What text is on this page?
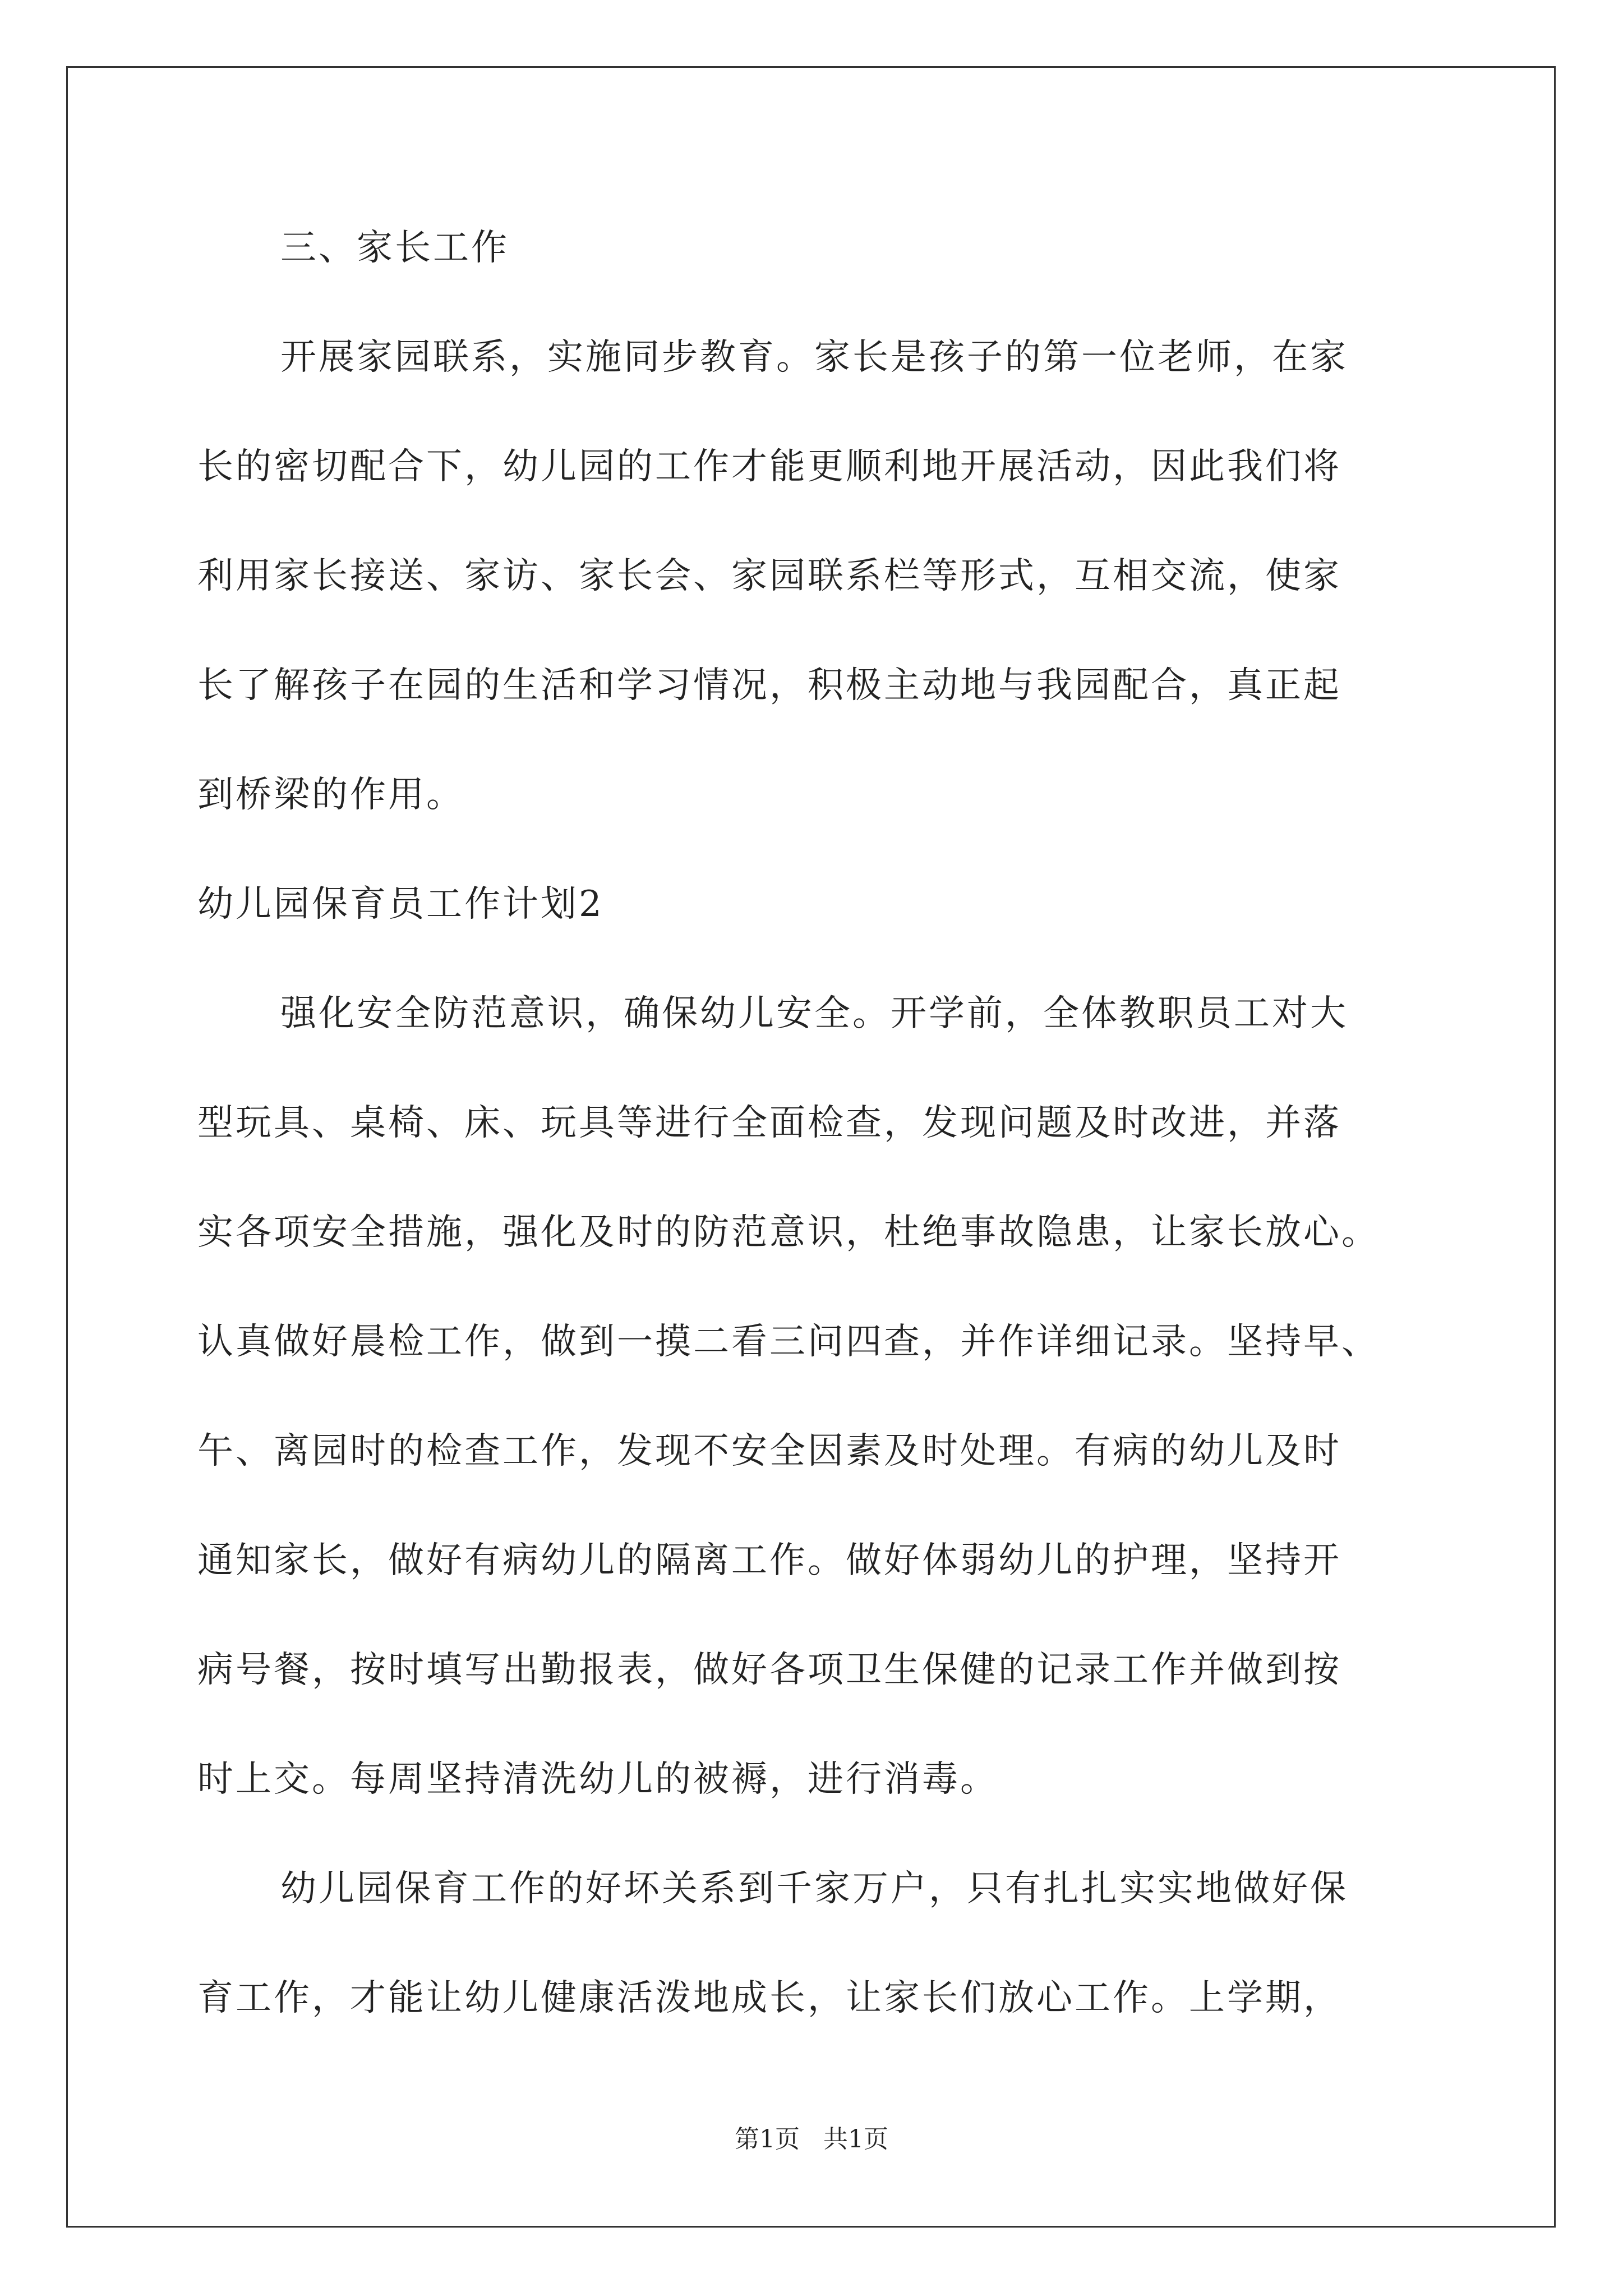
三、家长工作
开展家园联系，实施同步教育。家长是孩子的第一位老师，在家
长的密切配合下，幼儿园的工作才能更顺利地开展活动，因此我们将
利用家长接送、家访、家长会、家园联系栏等形式，互相交流，使家
长了解孩子在园的生活和学习情况，积极主动地与我园配合，真正起
到桥梁的作用。
幼儿园保育员工作计划2
强化安全防范意识，确保幼儿安全。开学前，全体教职员工对大
型玩具、桌椅、床、玩具等进行全面检查，发现问题及时改进，并落
实各项安全措施，强化及时的防范意识，杜绝事故隐患，让家长放心。
认真做好晨检工作，做到一摸二看三问四查，并作详细记录。坚持早、
午、离园时的检查工作，发现不安全因素及时处理。有病的幼儿及时
通知家长，做好有病幼儿的隔离工作。做好体弱幼儿的护理，坚持开
病号餐，按时填写出勤报表，做好各项卫生保健的记录工作并做到按
时上交。每周坚持清洗幼儿的被褥，进行消毒。
幼儿园保育工作的好坏关系到千家万户，只有扎扎实实地做好保
育工作，才能让幼儿健康活泼地成长，让家长们放心工作。上学期，
第1页   共1页
